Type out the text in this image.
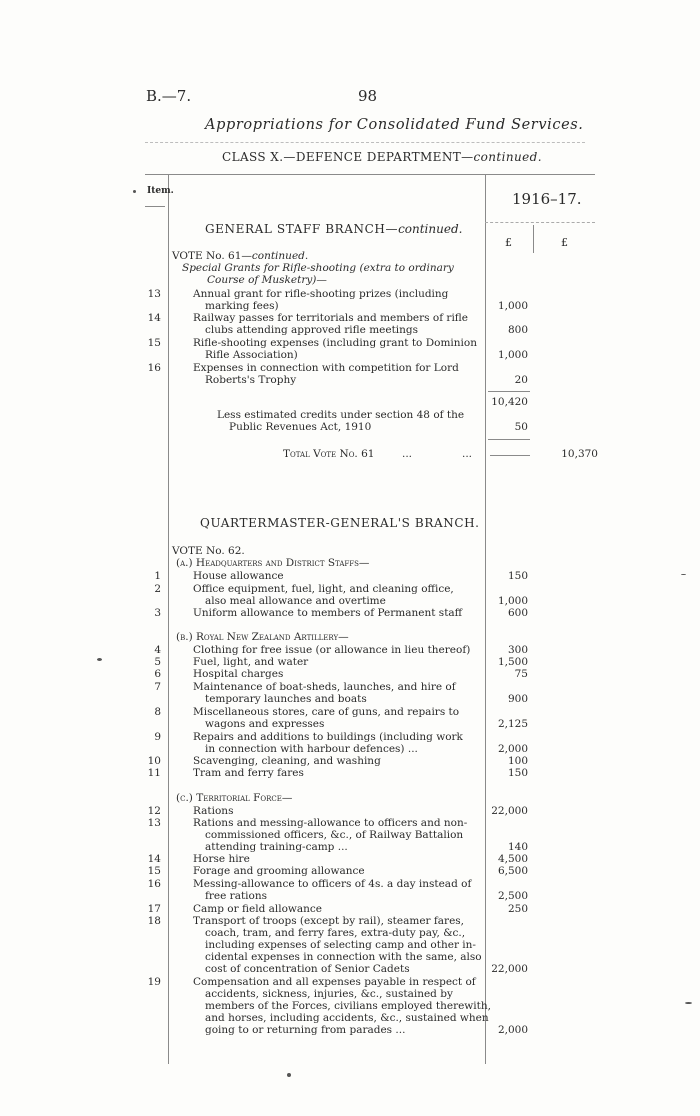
B.—7.	98
Appropriations for Consolidated Fund Services.
CLASS X.—DEFENCE DEPARTMENT—continued.
Item.	1916–17.
£	£
GENERAL STAFF BRANCH—continued.
VOTE No. 61—continued.
Special Grants for Rifle-shooting (extra to ordinary
Course of Musketry)—
13	Annual grant for rifle-shooting prizes (including
marking fees)	1,000
14	Railway passes for territorials and members of rifle
clubs attending approved rifle meetings	800
15	Rifle-shooting expenses (including grant to Dominion
Rifle Association)	1,000
16	Expenses in connection with competition for Lord
Roberts's Trophy	20
10,420
Less estimated credits under section 48 of the
Public Revenues Act, 1910	50
Total Vote No. 61	...	...	10,370
QUARTERMASTER-GENERAL'S BRANCH.
VOTE No. 62.
(a.) Headquarters and District Staffs—
1	House allowance	150
2	Office equipment, fuel, light, and cleaning office,
also meal allowance and overtime	1,000
3	Uniform allowance to members of Permanent staff	600
(b.) Royal New Zealand Artillery—
4	Clothing for free issue (or allowance in lieu thereof)	300
5	Fuel, light, and water	1,500
6	Hospital charges	75
7	Maintenance of boat-sheds, launches, and hire of
temporary launches and boats	900
8	Miscellaneous stores, care of guns, and repairs to
wagons and expresses	2,125
9	Repairs and additions to buildings (including work
in connection with harbour defences) ...	2,000
10	Scavenging, cleaning, and washing	100
11	Tram and ferry fares	150
(c.) Territorial Force—
12	Rations	22,000
13	Rations and messing-allowance to officers and non-
commissioned officers, &c., of Railway Battalion
attending training-camp ...	140
14	Horse hire	4,500
15	Forage and grooming allowance	6,500
16	Messing-allowance to officers of 4s. a day instead of
free rations	2,500
17	Camp or field allowance	250
18	Transport of troops (except by rail), steamer fares,
coach, tram, and ferry fares, extra-duty pay, &c.,
including expenses of selecting camp and other in-
cidental expenses in connection with the same, also
cost of concentration of Senior Cadets	22,000
19	Compensation and all expenses payable in respect of
accidents, sickness, injuries, &c., sustained by
members of the Forces, civilians employed therewith,
and horses, including accidents, &c., sustained when
going to or returning from parades ...	2,000
